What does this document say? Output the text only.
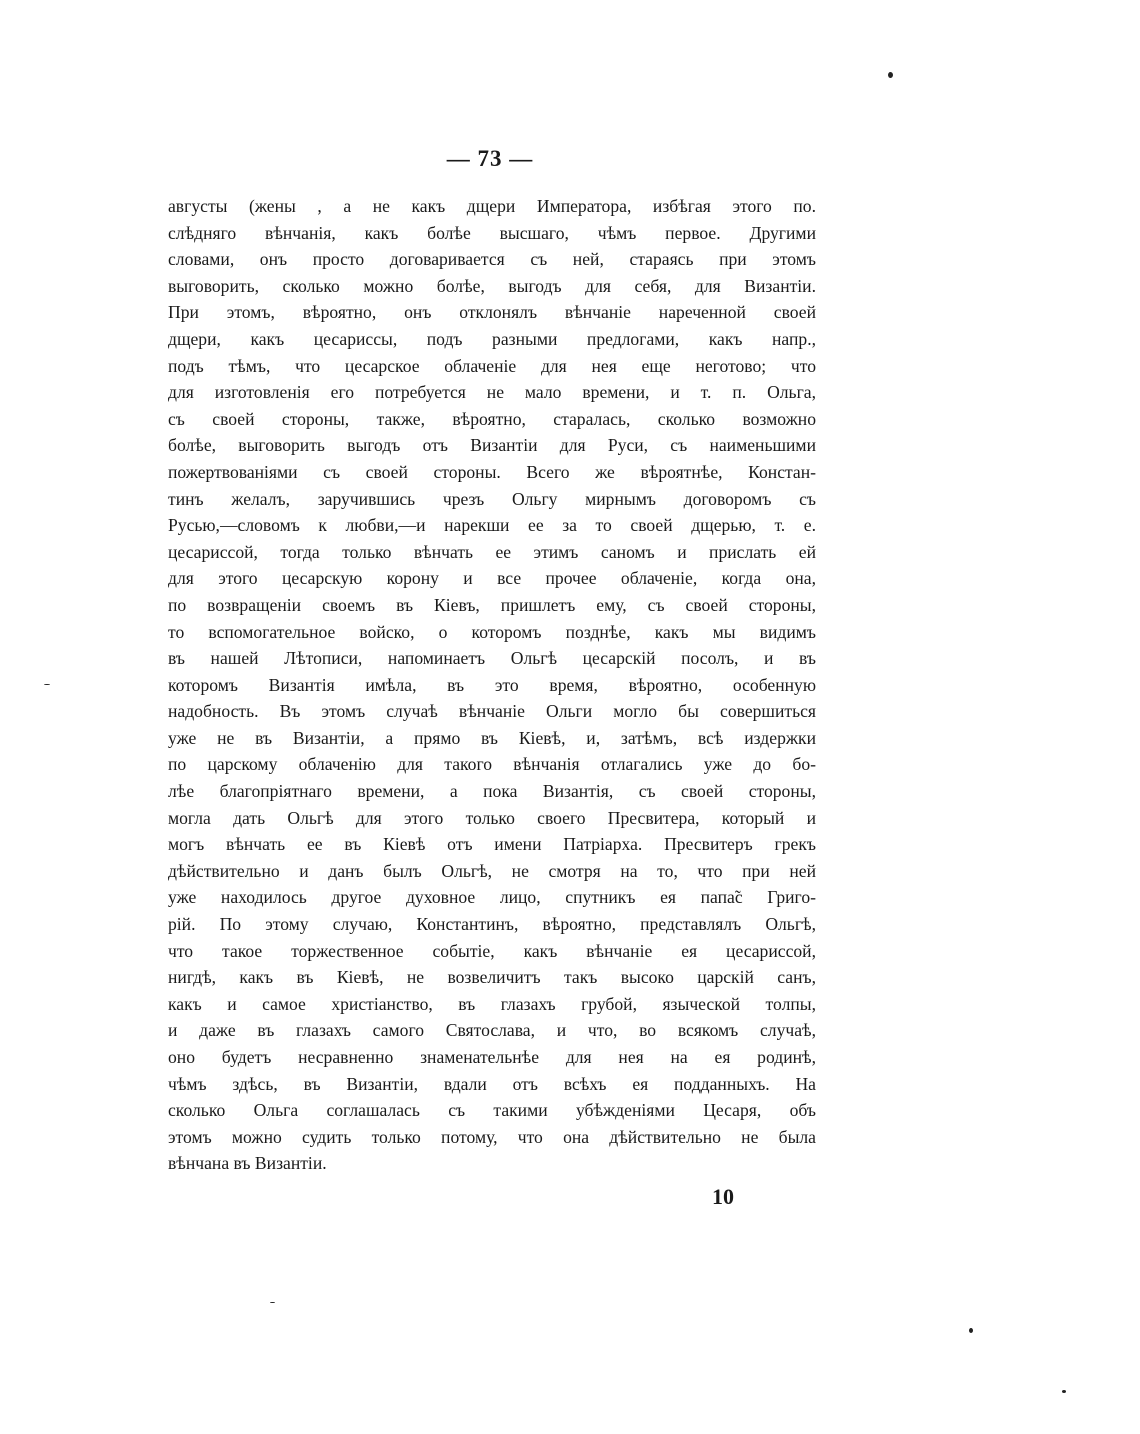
— 73 —
августы (жены , а не какъ дщери Императора, избѣгая этого по.
слѣдняго вѣнчанія, какъ болѣе высшаго, чѣмъ первое. Другими
словами, онъ просто договаривается съ ней, стараясь при этомъ
выговорить, сколько можно болѣе, выгодъ для себя, для Византіи.
При этомъ, вѣроятно, онъ отклонялъ вѣнчаніе нареченной своей
дщери, какъ цесариссы, подъ разными предлогами, какъ напр.,
подъ тѣмъ, что цесарское облаченіе для нея еще неготово; что
для изготовленія его потребуется не мало времени, и т. п. Ольга,
съ своей стороны, также, вѣроятно, старалась, сколько возможно
болѣе, выговорить выгодъ отъ Византіи для Руси, съ наименьшими
пожертвованіями съ своей стороны. Всего же вѣроятнѣе, Констан-
тинъ желалъ, заручившись чрезъ Ольгу мирнымъ договоромъ съ
Русью,—словомъ к любви,—и нарекши ее за то своей дщерью, т. е.
цесариссой, тогда только вѣнчать ее этимъ саномъ и прислать ей
для этого цесарскую корону и все прочее облаченіе, когда она,
по возвращеніи своемъ въ Кіевъ, пришлетъ ему, съ своей стороны,
то вспомогательное войско, о которомъ позднѣе, какъ мы видимъ
въ нашей Лѣтописи, напоминаетъ Ольгѣ цесарскій посолъ, и въ
которомъ Византія имѣла, въ это время, вѣроятно, особенную
надобность. Въ этомъ случаѣ вѣнчаніе Ольги могло бы совершиться
уже не въ Византіи, а прямо въ Кіевѣ, и, затѣмъ, всѣ издержки
по царскому облаченію для такого вѣнчанія отлагались уже до бо-
лѣе благопріятнаго времени, а пока Византія, съ своей стороны,
могла дать Ольгѣ для этого только своего Пресвитера, который и
могъ вѣнчать ее въ Кіевѣ отъ имени Патріарха. Пресвитеръ грекъ
дѣйствительно и данъ былъ Ольгѣ, не смотря на то, что при ней
уже находилось другое духовное лицо, спутникъ ея папа̃с Григо-
рій. По этому случаю, Константинъ, вѣроятно, представлялъ Ольгѣ,
что такое торжественное событіе, какъ вѣнчаніе ея цесариссой,
нигдѣ, какъ въ Кіевѣ, не возвеличитъ такъ высоко царскій санъ,
какъ и самое христіанство, въ глазахъ грубой, языческой толпы,
и даже въ глазахъ самого Святослава, и что, во всякомъ случаѣ,
оно будетъ несравненно знаменательнѣе для нея на ея родинѣ,
чѣмъ здѣсь, въ Византіи, вдали отъ всѣхъ ея подданныхъ. На
сколько Ольга соглашалась съ такими убѣжденіями Цесаря, объ
этомъ можно судить только потому, что она дѣйствительно не была
вѣнчана въ Византіи.
10
